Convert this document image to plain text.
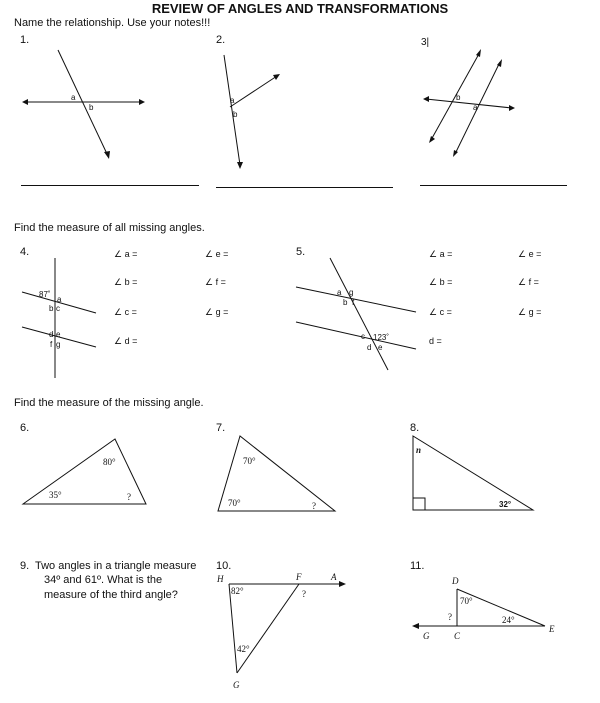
REVIEW OF ANGLES AND TRANSFORMATIONS
Name the relationship. Use your notes!!!
1.
a
b
2.
a
b
3|
b
a
Find the measure of all missing angles.
4.
87˚
a
b c
d e
f g
∠ a =
∠ b =
∠ c =
∠ d =
∠ e =
∠ f =
∠ g =
5.
a g
b f
c 123˚
d e
∠ a =
∠ b =
∠ c =
d =
∠ e =
∠ f =
∠ g =
Find the measure of the missing angle.
6.
80°
35°	?
7.
70°
70°	?
8.
n
32°
9. Two angles in a triangle measure
34º and 61º. What is the
measure of the third angle?
10.
H	F	A
G
82°
42°
?
11.
D
G	C
E
70°
24°
?
